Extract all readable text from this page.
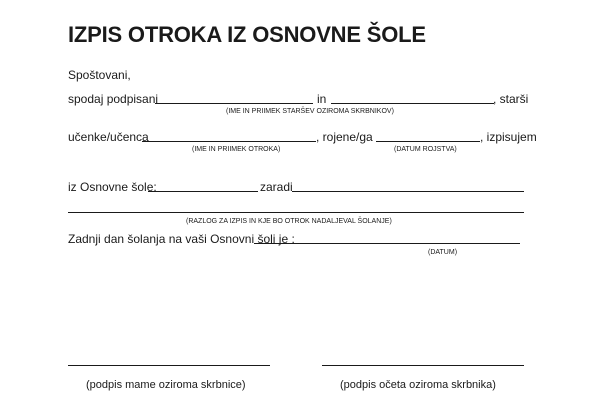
IZPIS OTROKA IZ OSNOVNE ŠOLE
Spoštovani,
spodaj podpisani	in	, starši
(IME IN PRIIMEK STARŠEV OZIROMA SKRBNIKOV)
učenke/učenca	, rojene/ga	, izpisujem
(IME IN PRIIMEK OTROKA)	(DATUM ROJSTVA)
iz Osnovne šole:	zaradi
(RAZLOG ZA IZPIS IN KJE BO OTROK NADALJEVAL ŠOLANJE)
Zadnji dan šolanja na vaši Osnovni šoli je :
(DATUM)
(podpis mame oziroma skrbnice)	(podpis očeta oziroma skrbnika)
